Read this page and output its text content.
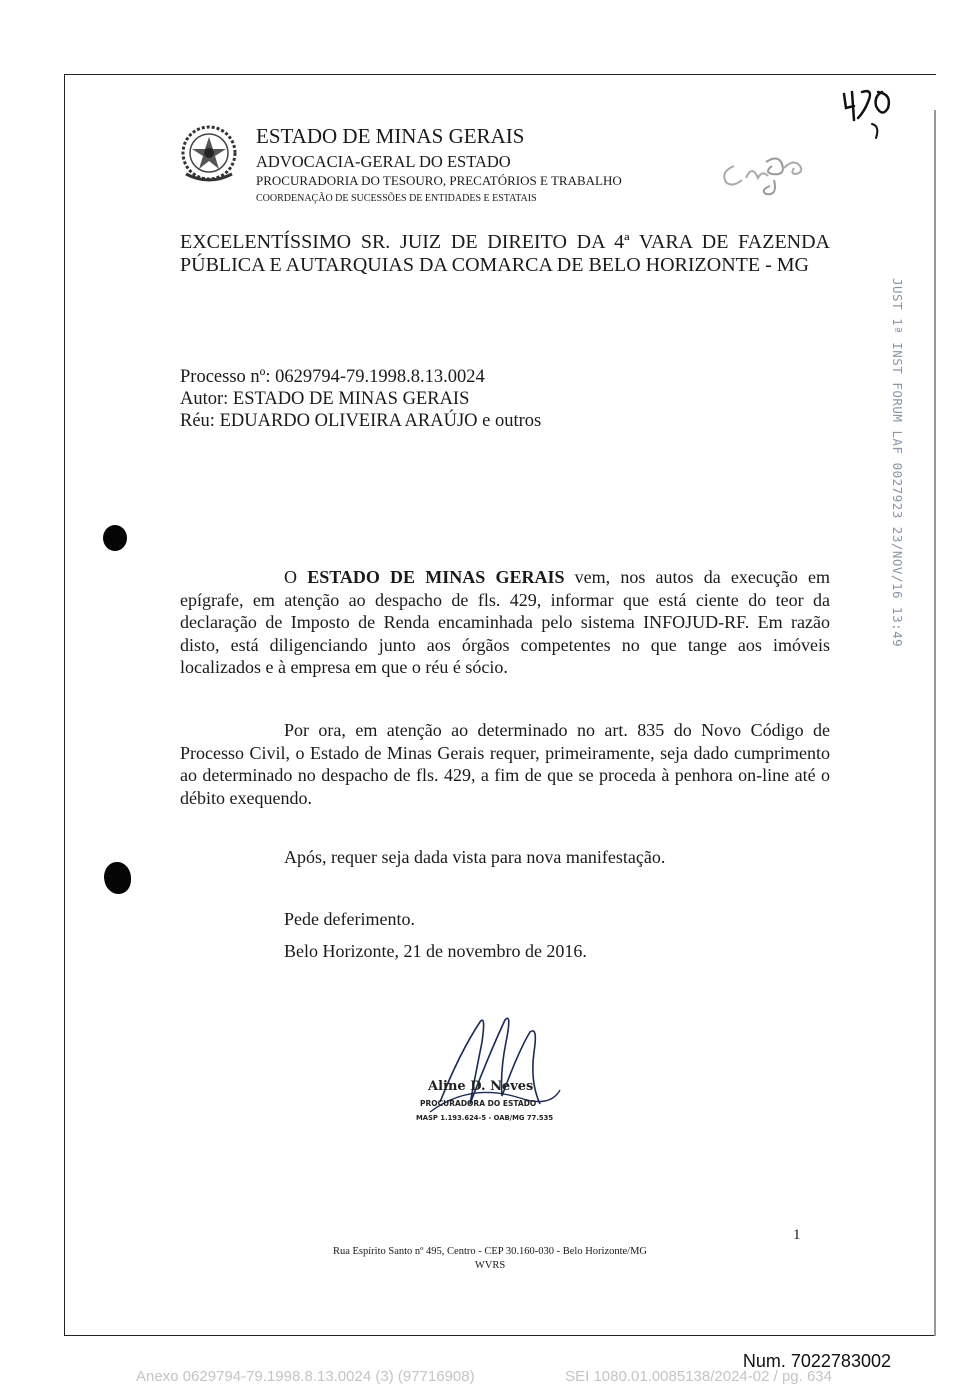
ESTADO DE MINAS GERAIS
ADVOCACIA-GERAL DO ESTADO
PROCURADORIA DO TESOURO, PRECATÓRIOS E TRABALHO
COORDENAÇÃO DE SUCESSÕES DE ENTIDADES E ESTATAIS
JUST 1ª INST FORUM LAF 0027923 23/NOV/16 13:49

EXCELENTÍSSIMO SR. JUIZ DE DIREITO DA 4ª VARA DE FAZENDA

PÚBLICA E AUTARQUIAS DA COMARCA DE BELO HORIZONTE - MG

Processo nº: 0629794-79.1998.8.13.0024
Autor: ESTADO DE MINAS GERAIS
Réu: EDUARDO OLIVEIRA ARAÚJO e outros

O ESTADO DE MINAS GERAIS vem, nos autos da execução em epígrafe, em atenção ao despacho de fls. 429, informar que está ciente do teor da declaração de Imposto de Renda encaminhada pelo sistema INFOJUD-RF. Em razão disto, está diligenciando junto aos órgãos competentes no que tange aos imóveis localizados e à empresa em que o réu é sócio.

Por ora, em atenção ao determinado no art. 835 do Novo Código de Processo Civil, o Estado de Minas Gerais requer, primeiramente, seja dado cumprimento ao determinado no despacho de fls. 429, a fim de que se proceda à penhora on-line até o débito exequendo.

Após, requer seja dada vista para nova manifestação.
Pede deferimento.
Belo Horizonte, 21 de novembro de 2016.
Aline D. Neves
PROCURADORA DO ESTADO
MASP 1.193.624-5 - OAB/MG 77.535
1
Rua Espírito Santo nº 495, Centro - CEP 30.160-030 - Belo Horizonte/MG
WVRS
Num. 7022783002
Anexo 0629794-79.1998.8.13.0024 (3) (97716908)	SEI 1080.01.0085138/2024-02 / pg. 634
